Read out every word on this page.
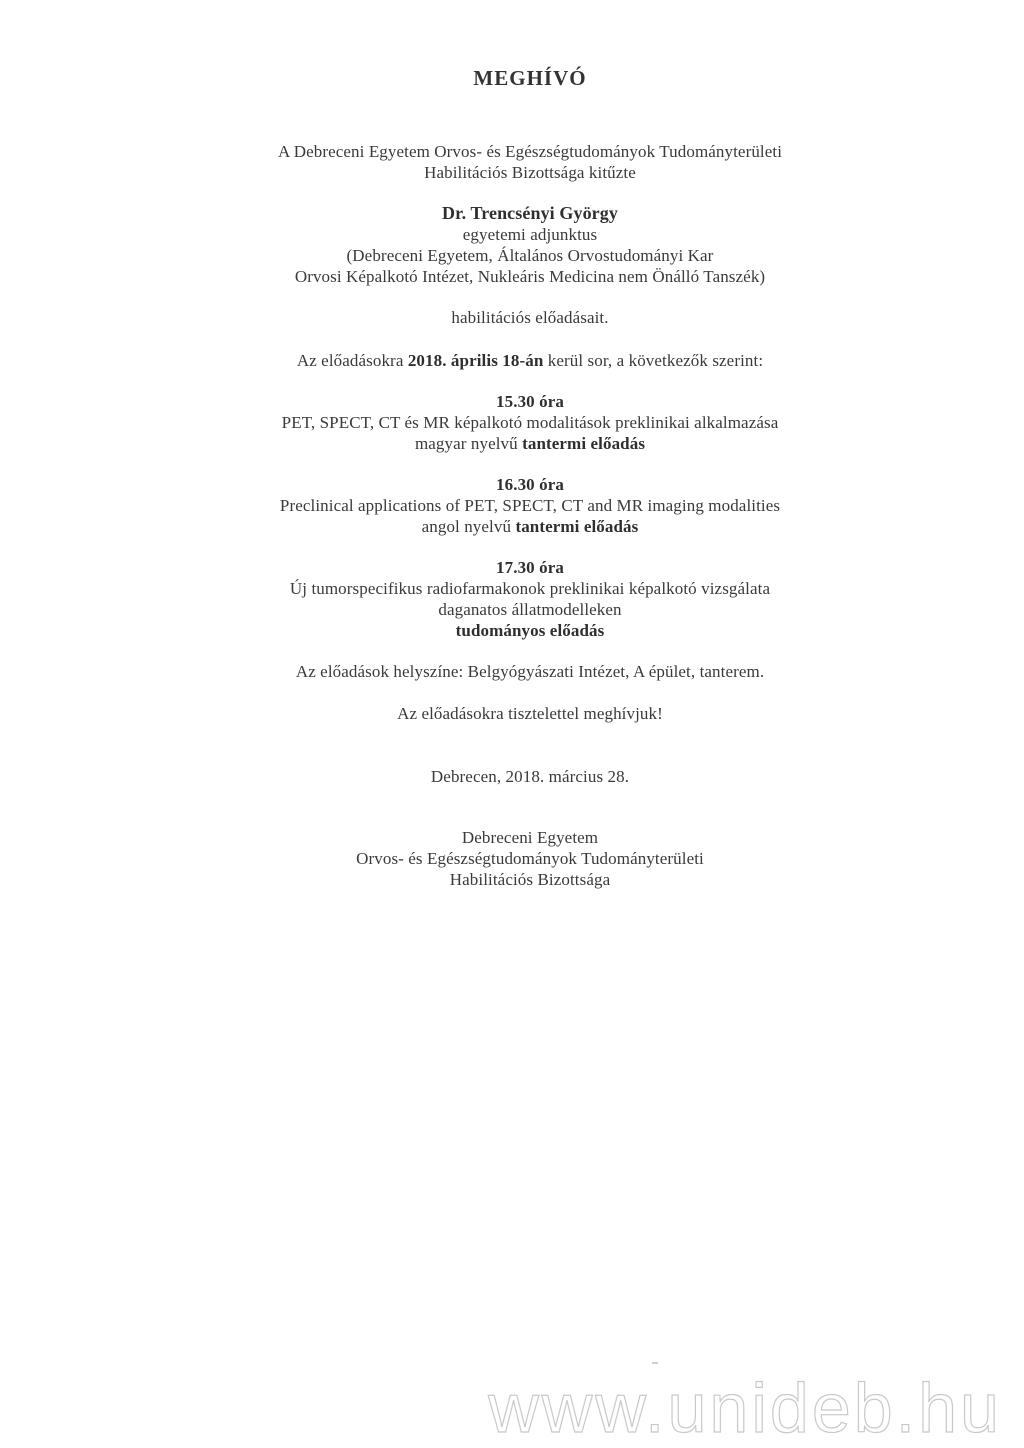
MEGHÍVÓ
A Debreceni Egyetem Orvos- és Egészségtudományok Tudományterületi
Habilitációs Bizottsága kitűzte
Dr. Trencsényi György
egyetemi adjunktus
(Debreceni Egyetem, Általános Orvostudományi Kar
Orvosi Képalkotó Intézet, Nukleáris Medicina nem Önálló Tanszék)
habilitációs előadásait.
Az előadásokra 2018. április 18-án kerül sor, a következők szerint:
15.30 óra
PET, SPECT, CT és MR képalkotó modalitások preklinikai alkalmazása
magyar nyelvű tantermi előadás
16.30 óra
Preclinical applications of PET, SPECT, CT and MR imaging modalities
angol nyelvű tantermi előadás
17.30 óra
Új tumorspecifikus radiofarmakonok preklinikai képalkotó vizsgálata
daganatos állatmodelleken
tudományos előadás
Az előadások helyszíne: Belgyógyászati Intézet, A épület, tanterem.
Az előadásokra tisztelettel meghívjuk!
Debrecen, 2018. március 28.
Debreceni Egyetem
Orvos- és Egészségtudományok Tudományterületi
Habilitációs Bizottsága
www.unideb.hu
